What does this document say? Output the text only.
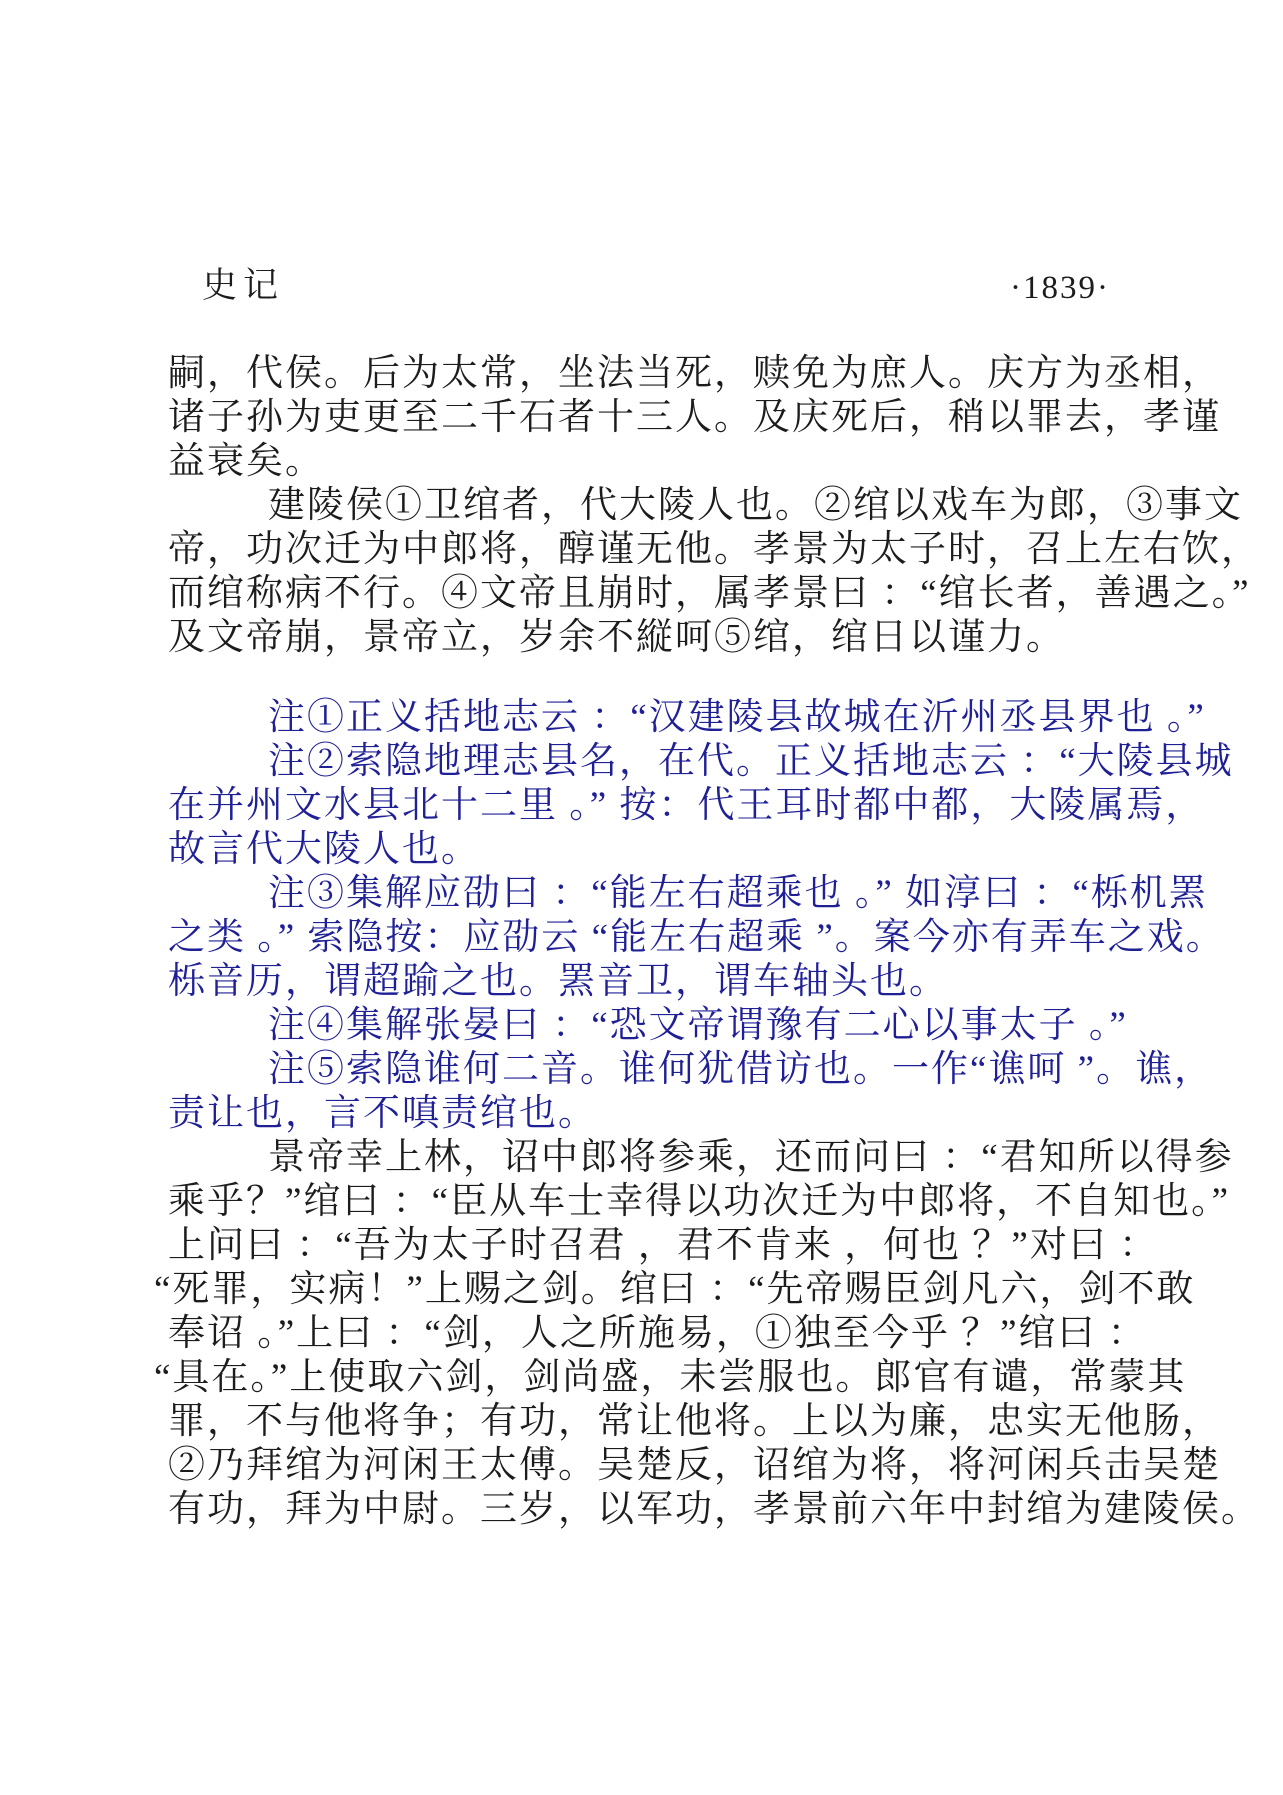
史记	·1839·
嗣，代侯。后为太常，坐法当死，赎免为庶人。庆方为丞相，
诸子孙为吏更至二千石者十三人。及庆死后，稍以罪去，孝谨
益衰矣。
建陵侯①卫绾者，代大陵人也。②绾以戏车为郎，③事文
帝，功次迁为中郎将，醇谨无他。孝景为太子时，召上左右饮，
而绾称病不行。④文帝且崩时，属孝景曰 ：“绾长者，善遇之。”
及文帝崩，景帝立，岁余不縦呵⑤绾，绾日以谨力。
注①正义括地志云 ：“汉建陵县故城在沂州丞县界也 。”
注②索隐地理志县名，在代。正义括地志云 ：“大陵县城
在并州文水县北十二里 。” 按：代王耳时都中都，大陵属焉，
故言代大陵人也。
注③集解应劭曰 ：“能左右超乘也 。” 如淳曰 ：“栎机罴
之类 。” 索隐按：应劭云 “能左右超乘 ”。案今亦有弄车之戏。
栎音历，谓超踰之也。罴音卫，谓车轴头也。
注④集解张晏曰 ：“恐文帝谓豫有二心以事太子 。”
注⑤索隐谁何二音。谁何犹借访也。一作“谯呵 ”。谯，
责让也，言不嗔责绾也。
景帝幸上林，诏中郎将参乘，还而问曰 ：“君知所以得参
乘乎？”绾曰 ：“臣从车士幸得以功次迁为中郎将，不自知也。”
上问曰 ：“吾为太子时召君 ，君不肯来 ，何也 ？”对曰 ：
“死罪，实病！”上赐之剑。绾曰 ：“先帝赐臣剑凡六，剑不敢
奉诏 。”上曰 ：“剑，人之所施易，①独至今乎 ？”绾曰 ：
“具在。”上使取六剑，剑尚盛，未尝服也。郎官有谴，常蒙其
罪，不与他将争；有功，常让他将。上以为廉，忠实无他肠，
②乃拜绾为河闲王太傅。吴楚反，诏绾为将，将河闲兵击吴楚
有功，拜为中尉。三岁，以军功，孝景前六年中封绾为建陵侯。
